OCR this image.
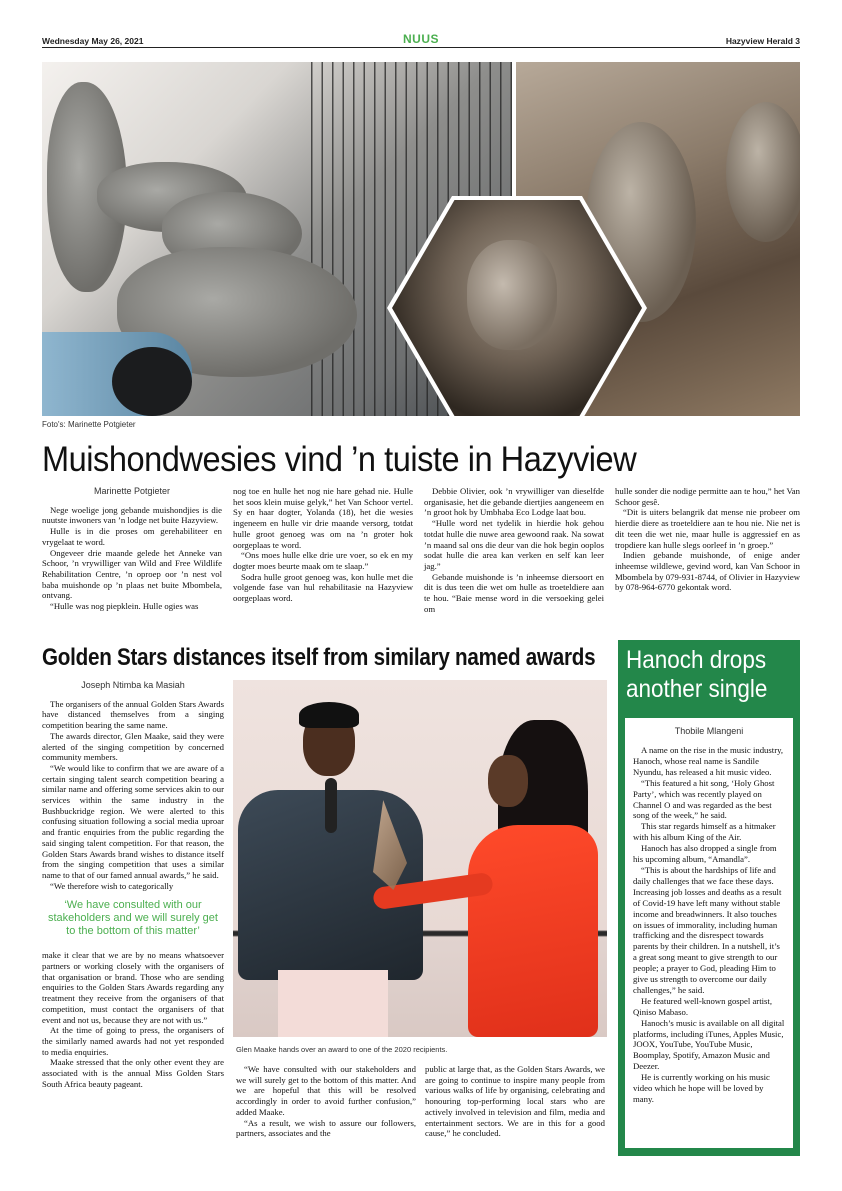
Wednesday May 26, 2021	NUUS	Hazyview Herald 3
Foto's: Marinette Potgieter
Muishondwesies vind ’n tuiste in Hazyview
Marinette Potgieter

Nege woelige jong gebande muishondjies is die nuutste inwoners van ’n lodge net buite Hazyview.

Hulle is in die proses om gerehabiliteer en vrygelaat te word.

Ongeveer drie maande gelede het Anneke van Schoor, ’n vrywilliger van Wild and Free Wildlife Rehabilitation Centre, ’n oproep oor ’n nest vol baba muishonde op ’n plaas net buite Mbombela, ontvang.

“Hulle was nog piepklein. Hulle ogies was

nog toe en hulle het nog nie hare gehad nie. Hulle het soos klein muise gelyk,” het Van Schoor vertel. Sy en haar dogter, Yolanda (18), het die wesies ingeneem en hulle vir drie maande versorg, totdat hulle groot genoeg was om na ’n groter hok oorgeplaas te word.

“Ons moes hulle elke drie ure voer, so ek en my dogter moes beurte maak om te slaap.”

Sodra hulle groot genoeg was, kon hulle met die volgende fase van hul rehabilitasie na Hazyview oorgeplaas word.

Debbie Olivier, ook ’n vrywilliger van dieselfde organisasie, het die gebande diertjies aangeneem en ’n groot hok by Umbhaba Eco Lodge laat bou.

“Hulle word net tydelik in hierdie hok gehou totdat hulle die nuwe area gewoond raak. Na sowat ’n maand sal ons die deur van die hok begin ooplos sodat hulle die area kan verken en self kan leer jag.”

Gebande muishonde is ’n inheemse diersoort en dit is dus teen die wet om hulle as troeteldiere aan te hou. “Baie mense word in die versoeking gelei om

hulle sonder die nodige permitte aan te hou,” het Van Schoor gesê.

“Dit is uiters belangrik dat mense nie probeer om hierdie diere as troeteldiere aan te hou nie. Nie net is dit teen die wet nie, maar hulle is aggressief en as tropdiere kan hulle slegs oorleef in ’n groep.”

Indien gebande muishonde, of enige ander inheemse wildlewe, gevind word, kan Van Schoor in Mbombela by 079-931-8744, of Olivier in Hazyview by 078-964-6770 gekontak word.

Golden Stars distances itself from similary named awards
Joseph Ntimba ka Masiah

The organisers of the annual Golden Stars Awards have distanced themselves from a singing competition bearing the same name.

The awards director, Glen Maake, said they were alerted of the singing competition by concerned community members.

“We would like to confirm that we are aware of a certain singing talent search competition bearing a similar name and offering some services akin to our services within the same industry in the Bushbuckridge region. We were alerted to this confusing situation following a social media uproar and frantic enquiries from the public regarding the said singing talent competition. For that reason, the Golden Stars Awards brand wishes to distance itself from the singing competition that uses a similar name to that of our famed annual awards,” he said.

“We therefore wish to categorically

‘We have consulted with our stakeholders and we will surely get to the bottom of this matter’

make it clear that we are by no means whatsoever partners or working closely with the organisers of that organisation or brand. Those who are sending enquiries to the Golden Stars Awards regarding any treatment they receive from the organisers of that competition, must contact the organisers of that event and not us, because they are not with us.”

At the time of going to press, the organisers of the similarly named awards had not yet responded to media enquiries.

Maake stressed that the only other event they are associated with is the annual Miss Golden Stars South Africa beauty pageant.

Glen Maake hands over an award to one of the 2020 recipients.

“We have consulted with our stakeholders and we will surely get to the bottom of this matter. And we are hopeful that this will be resolved accordingly in order to avoid further confusion,” added Maake.

“As a result, we wish to assure our followers, partners, associates and the

public at large that, as the Golden Stars Awards, we are going to continue to inspire many people from various walks of life by organising, celebrating and honouring top-performing local stars who are actively involved in television and film, media and entertainment sectors. We are in this for a good cause,” he concluded.

Hanoch drops another single
Thobile Mlangeni

A name on the rise in the music industry, Hanoch, whose real name is Sandile Nyundu, has released a hit music video.

“This featured a hit song, ‘Holy Ghost Party’, which was recently played on Channel O and was regarded as the best song of the week,” he said.

This star regards himself as a hitmaker with his album King of the Air.

Hanoch has also dropped a single from his upcoming album, “Amandla”.

“This is about the hardships of life and daily challenges that we face these days. Increasing job losses and deaths as a result of Covid-19 have left many without stable income and breadwinners. It also touches on issues of immorality, including human trafficking and the disrespect towards parents by their children. In a nutshell, it’s a great song meant to give strength to our people; a prayer to God, pleading Him to give us strength to overcome our daily challenges,” he said.

He featured well-known gospel artist, Qiniso Mabaso.

Hanoch’s music is available on all digital platforms, including iTunes, Apples Music, JOOX, YouTube, YouTube Music, Boomplay, Spotify, Amazon Music and Deezer.

He is currently working on his music video which he hope will be loved by many.
